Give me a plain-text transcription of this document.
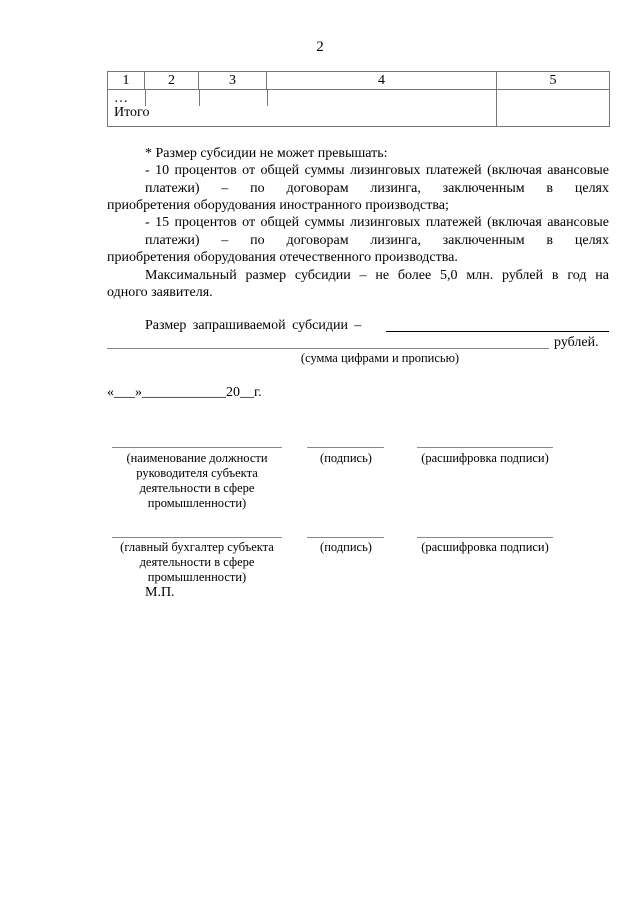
2
1	2	3	4	5

…
Итого				

* Размер субсидии не может превышать:
- 10 процентов от общей суммы лизинговых платежей (включая авансовые платежи) – по договорам лизинга, заключенным в целях
приобретения оборудования иностранного производства;
- 15 процентов от общей суммы лизинговых платежей (включая авансовые платежи) – по договорам лизинга, заключенным в целях
приобретения оборудования отечественного производства.
Максимальный размер субсидии – не более 5,0 млн. рублей в год на
одного заявителя.
Размер запрашиваемой субсидии –
рублей.
(сумма цифрами и прописью)
«___»____________20__г.
(наименование должности руководителя субъекта деятельности в сфере промышленности)
(подпись)	(расшифровка подписи)
(главный бухгалтер субъекта деятельности в сфере промышленности)
(подпись)	(расшифровка подписи)
М.П.
